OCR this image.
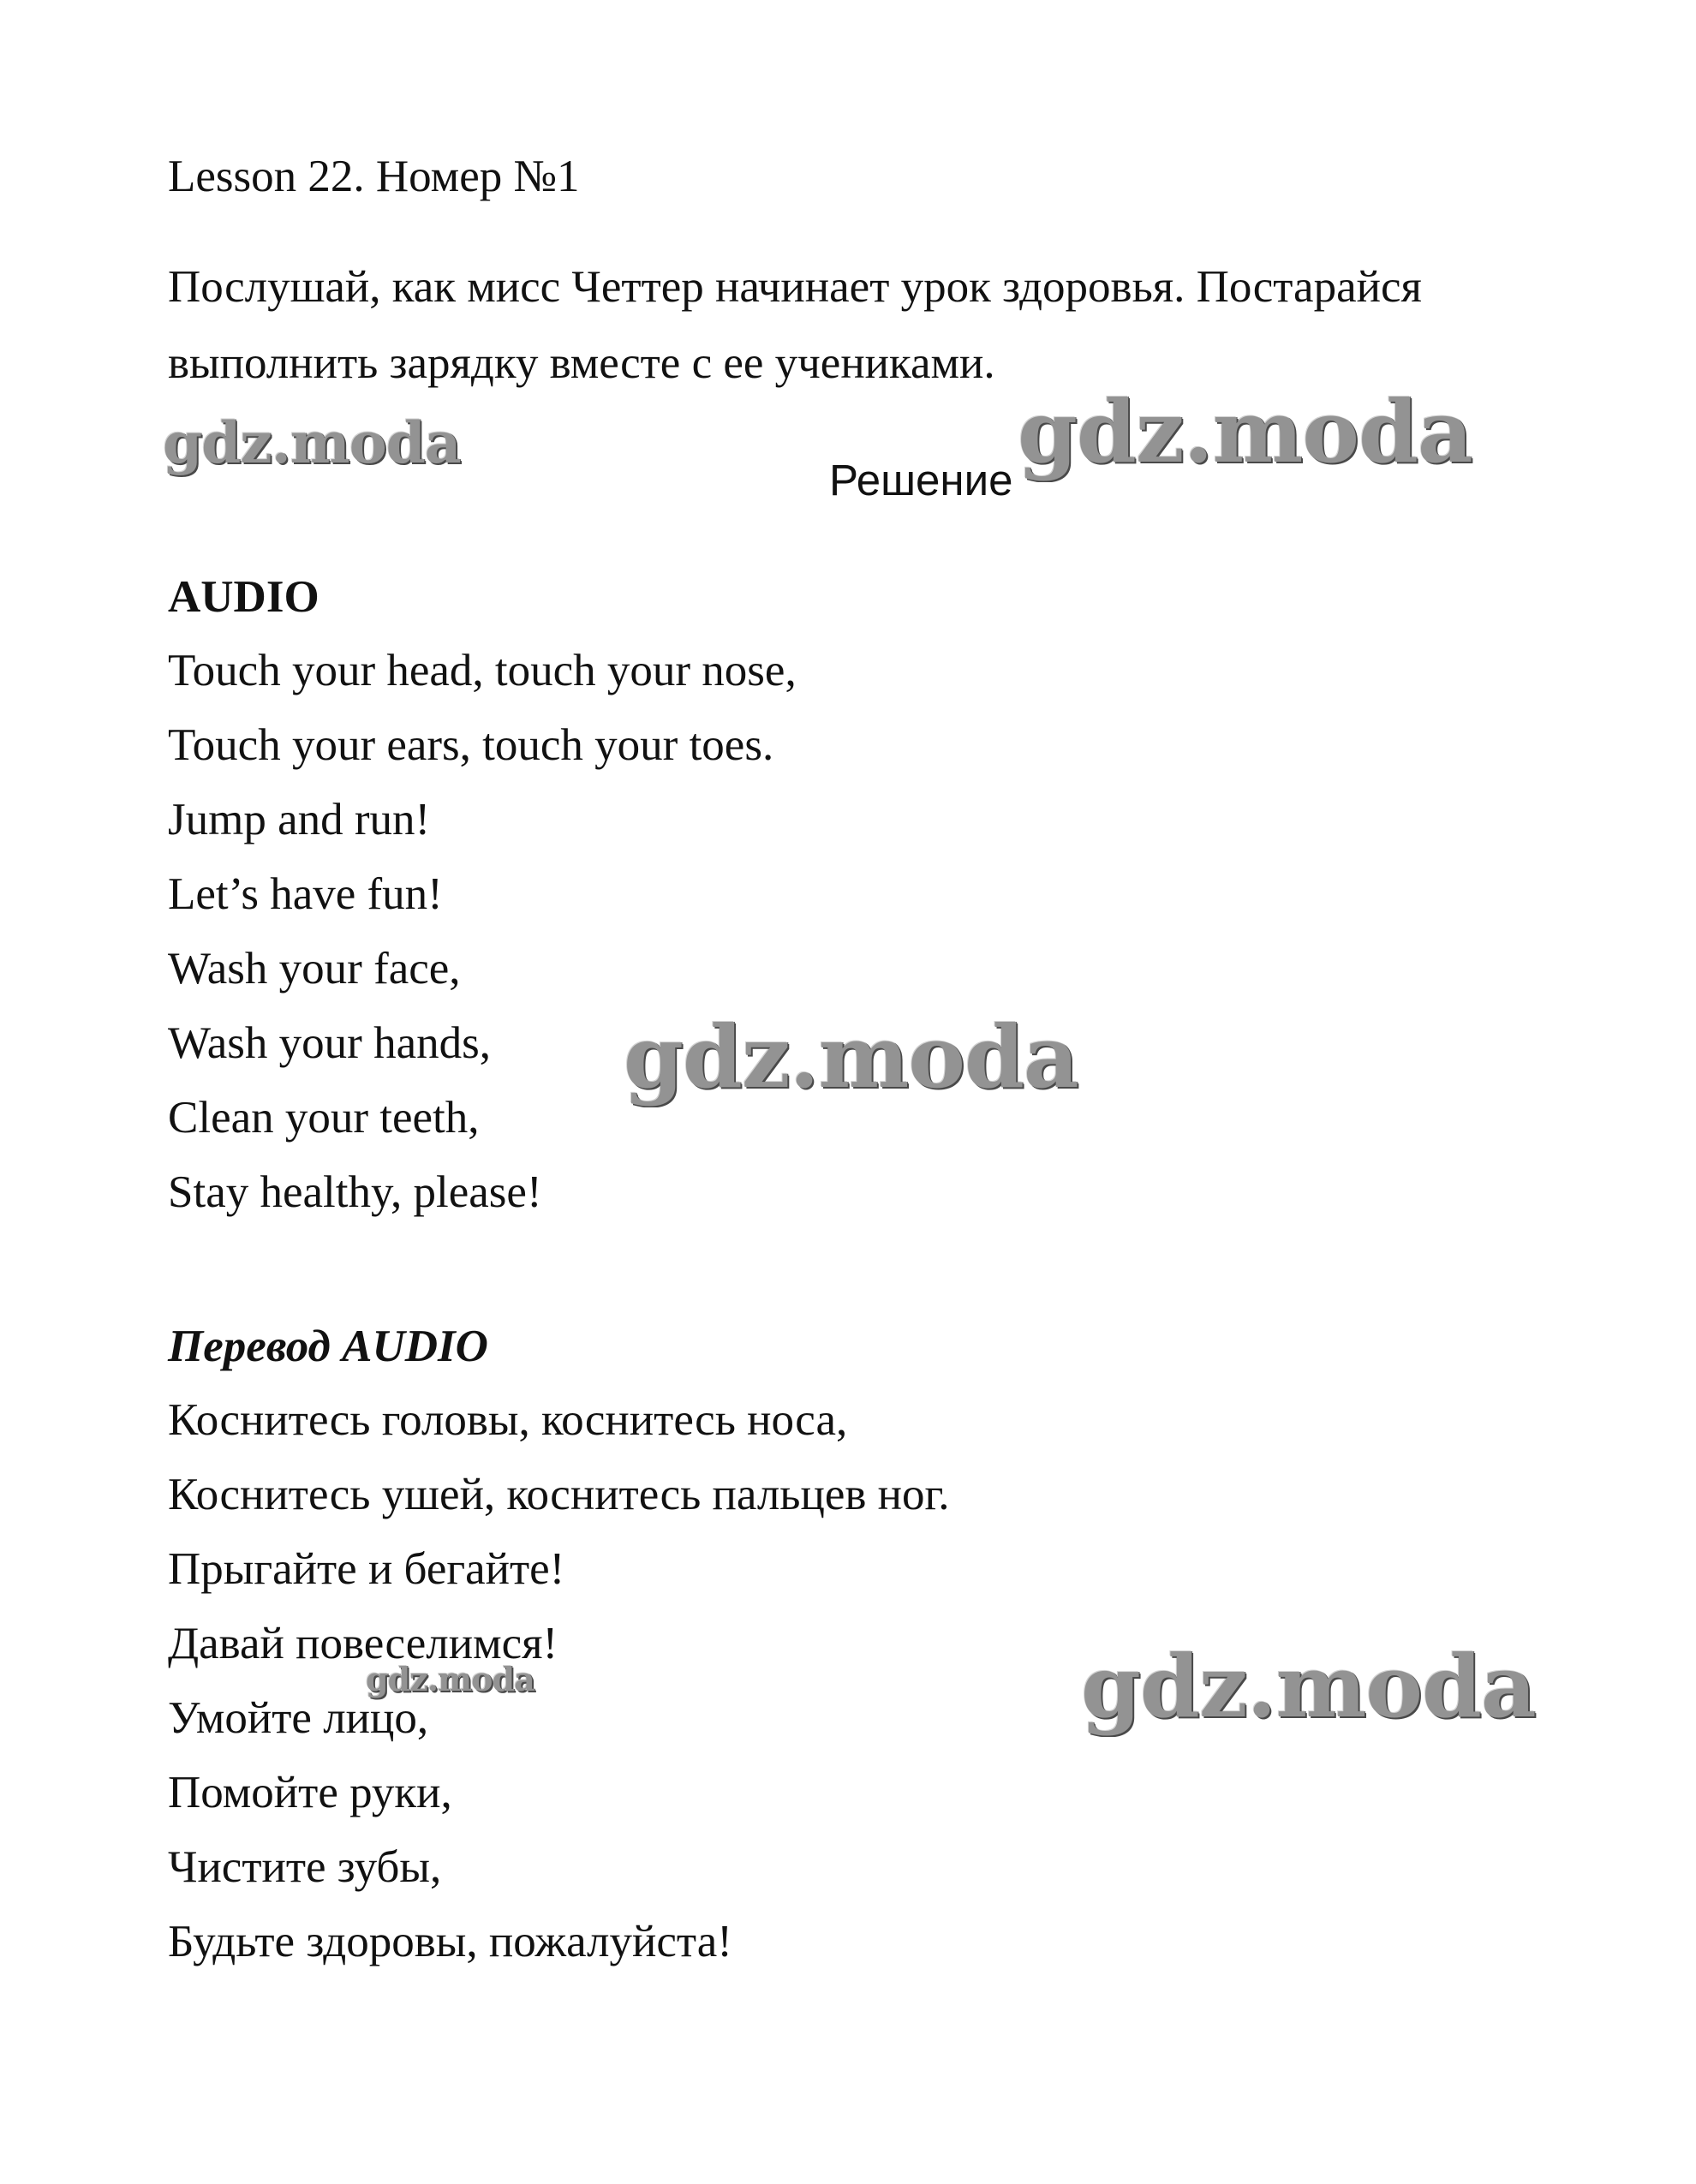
Lesson 22. Номер №1
Послушай, как мисс Четтер начинает урок здоровья. Постарайся
выполнить зарядку вместе с ее учениками.
Решение
AUDIO
Touch your head, touch your nose,
Touch your ears, touch your toes.
Jump and run!
Let’s have fun!
Wash your face,
Wash your hands,
Clean your teeth,
Stay healthy, please!
Перевод AUDIO
Коснитесь головы, коснитесь носа,
Коснитесь ушей, коснитесь пальцев ног.
Прыгайте и бегайте!
Давай повеселимся!
Умойте лицо,
Помойте руки,
Чистите зубы,
Будьте здоровы, пожалуйста!
gdz.moda	gdz.moda
gdz.moda
gdz.moda	gdz.moda
